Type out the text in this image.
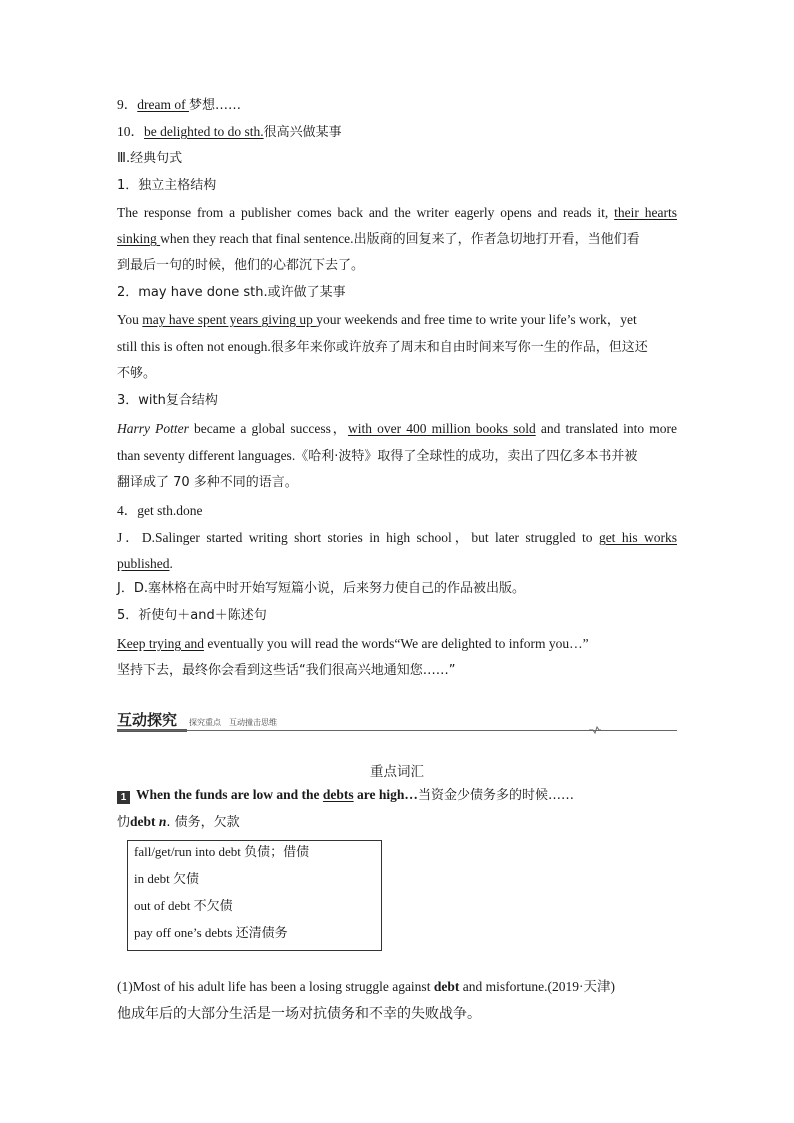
9．dream of 梦想……
10．be delighted to do sth.很高兴做某事
Ⅲ.经典句式
1．独立主格结构
The response from a publisher comes back and the writer eagerly opens and reads it, their hearts
sinking when they reach that final sentence.出版商的回复来了，作者急切地打开看，当他们看
到最后一句的时候，他们的心都沉下去了。
2．may have done sth.或许做了某事
You may have spent years giving up your weekends and free time to write your life’s work，yet
still this is often not enough.很多年来你或许放弃了周末和自由时间来写你一生的作品，但这还
不够。
3．with复合结构
Harry Potter became a global success，with over 400 million books sold and translated into more
than seventy different languages.《哈利·波特》取得了全球性的成功，卖出了四亿多本书并被
翻译成了 70 多种不同的语言。
4．get sth.done
J．D.Salinger started writing short stories in high school，but later struggled to get his works
published.
J．D.塞林格在高中时开始写短篇小说，后来努力使自己的作品被出版。
5．祈使句＋and＋陈述句
Keep trying and eventually you will read the words“We are delighted to inform you…”
坚持下去，最终你会看到这些话“我们很高兴地通知您……”
互动探究 探究重点　互动撞击思维
重点词汇
1 When the funds are low and the debts are high…当资金少债务多的时候……
忇debt n. 债务，欠款
fall/get/run into debt 负债；借债
in debt 欠债
out of debt 不欠债
pay off one’s debts 还清债务
(1)Most of his adult life has been a losing struggle against debt and misfortune.(2019·天津)
他成年后的大部分生活是一场对抗债务和不幸的失败战争。
